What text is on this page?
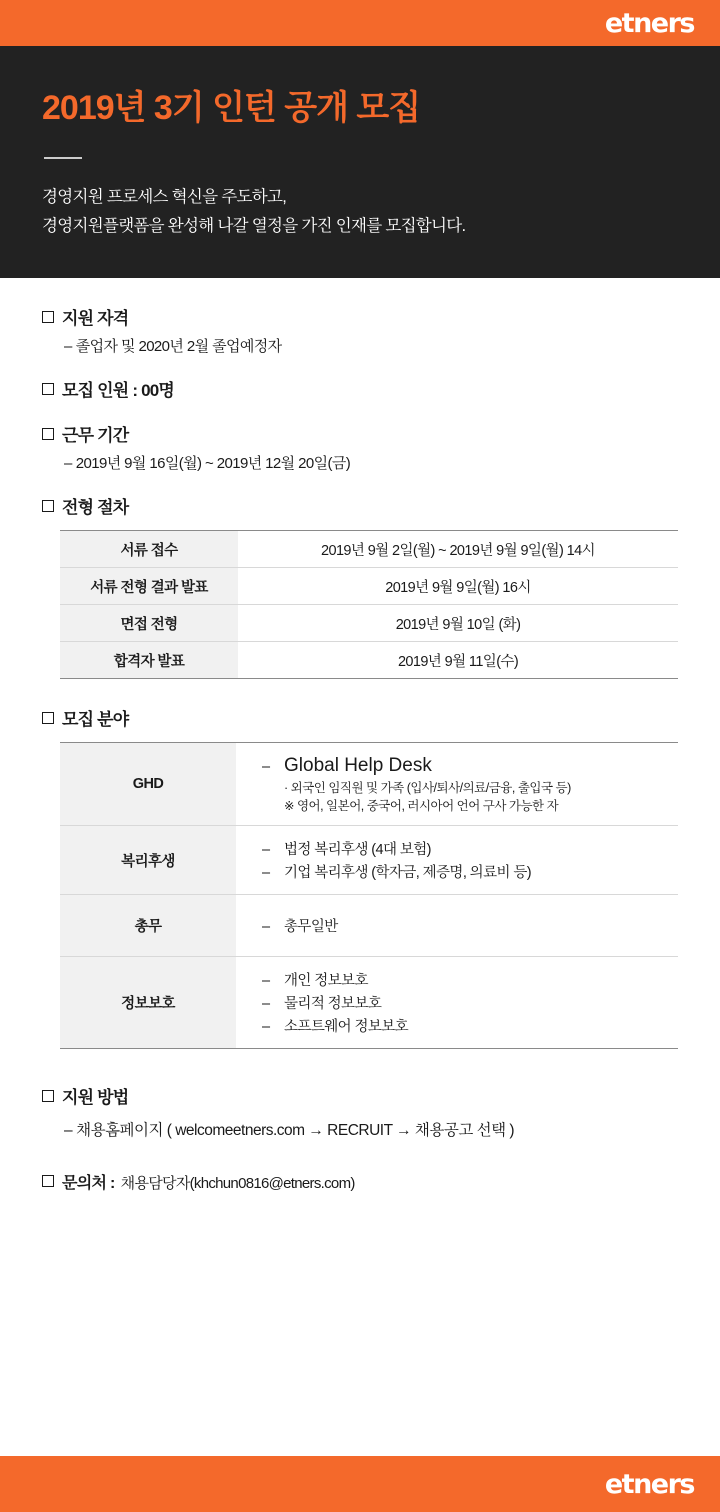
etners
2019년 3기 인턴 공개 모집
경영지원 프로세스 혁신을 주도하고,
경영지원플랫폼을 완성해 나갈 열정을 가진 인재를 모집합니다.
지원 자격
– 졸업자 및 2020년 2월 졸업예정자
모집 인원 : 00명
근무 기간
– 2019년 9월 16일(월) ~ 2019년 12월 20일(금)
전형 절차
서류 접수	2019년 9월 2일(월) ~ 2019년 9월 9일(월) 14시
서류 전형 결과 발표	2019년 9월 9일(월) 16시
면접 전형	2019년 9월 10일 (화)
합격자 발표	2019년 9월 11일(수)
모집 분야
GHD	– Global Help Desk
· 외국인 임직원 및 가족 (입사/퇴사/의료/금융, 출입국 등)
※ 영어, 일본어, 중국어, 러시아어 언어 구사 가능한 자

복리후생	– 법정 복리후생 (4대 보험)
– 기업 복리후생 (학자금, 제증명, 의료비 등)

총무	– 총무일반

정보보호	
–	개인 정보보호
–	물리적 정보보호
–	소프트웨어 정보보호
지원 방법
– 채용홈페이지 ( welcomeetners.com → RECRUIT → 채용공고 선택 )
문의처 : 채용담당자(khchun0816@etners.com)
etners
